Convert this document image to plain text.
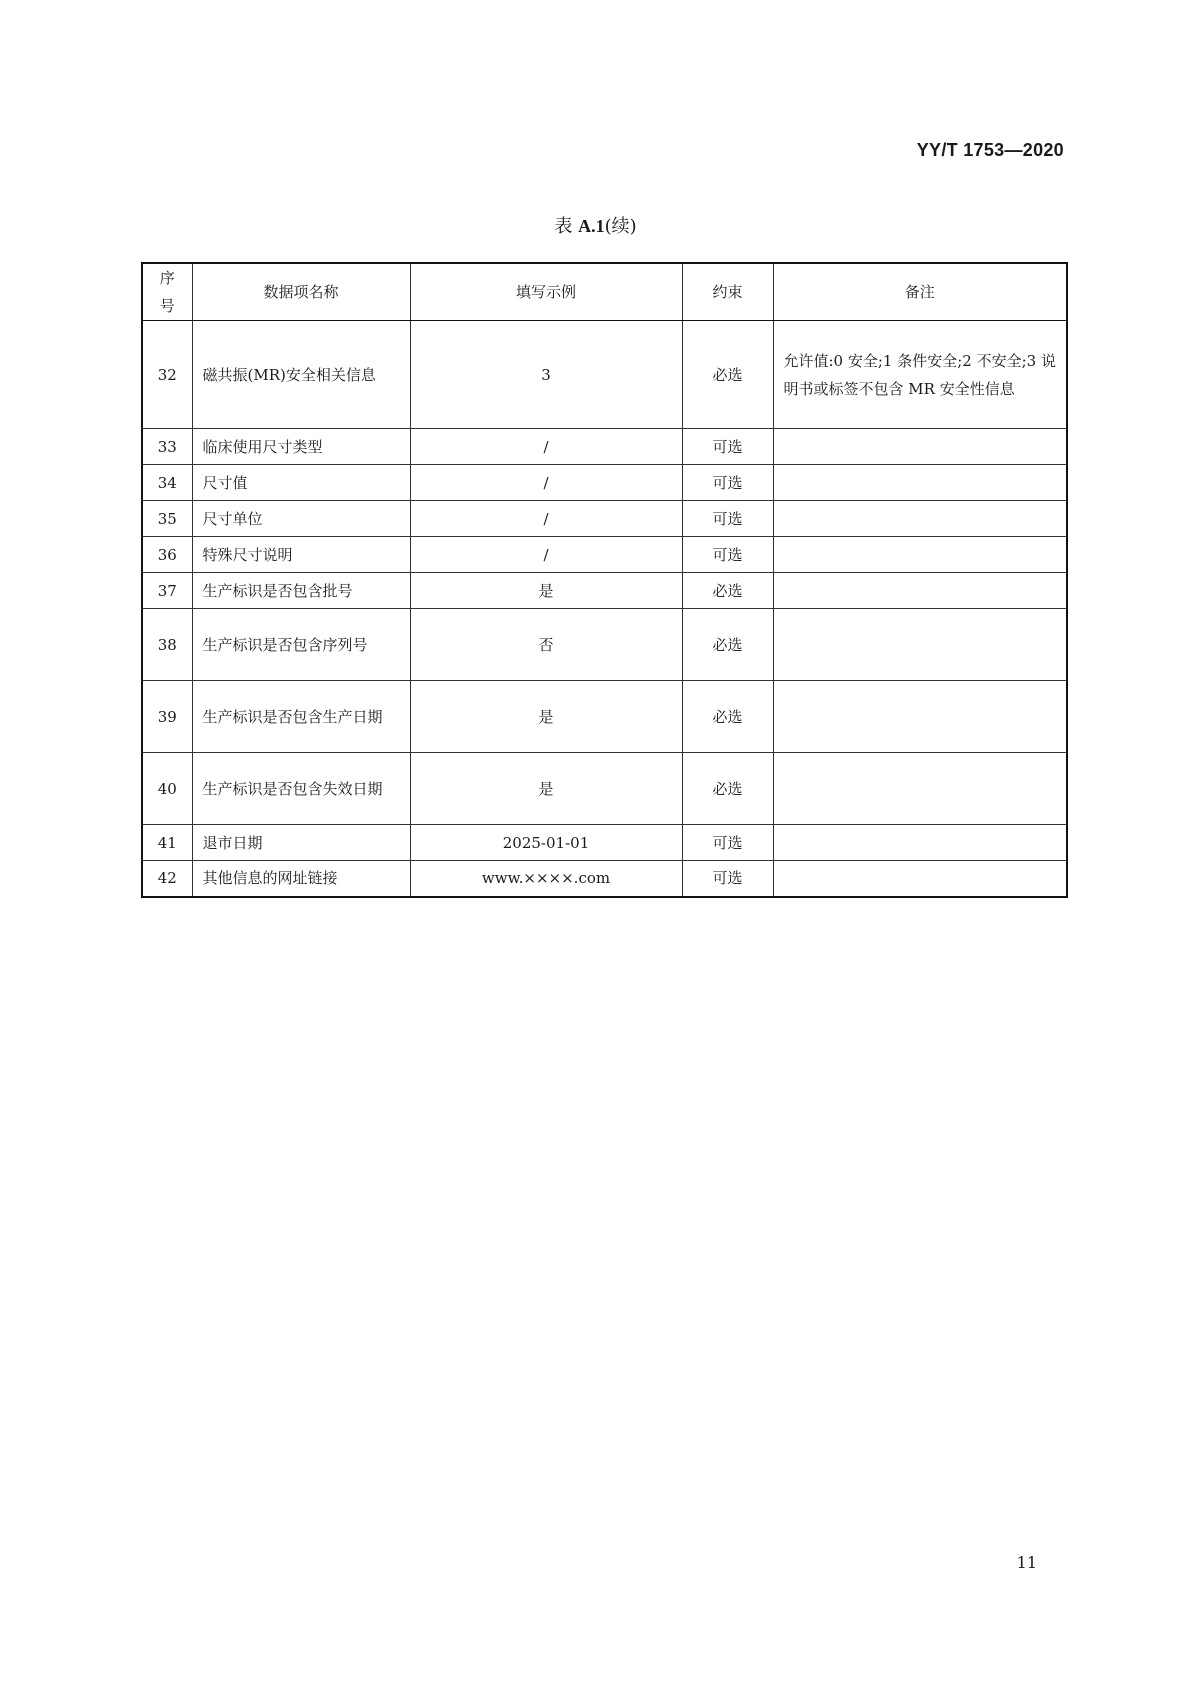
YY/T 1753—2020
表 A.1(续)
序号	数据项名称	填写示例	约束	备注
32	磁共振(MR)安全相关信息	3	必选	允许值:0 安全;1 条件安全;2 不安全;3 说明书或标签不包含 MR 安全性信息
33	临床使用尺寸类型	/	可选	
34	尺寸值	/	可选	
35	尺寸单位	/	可选	
36	特殊尺寸说明	/	可选	
37	生产标识是否包含批号	是	必选	
38	生产标识是否包含序列号	否	必选	
39	生产标识是否包含生产日期	是	必选	
40	生产标识是否包含失效日期	是	必选	
41	退市日期	2025-01-01	可选	
42	其他信息的网址链接	www.××××.com	可选	
11
